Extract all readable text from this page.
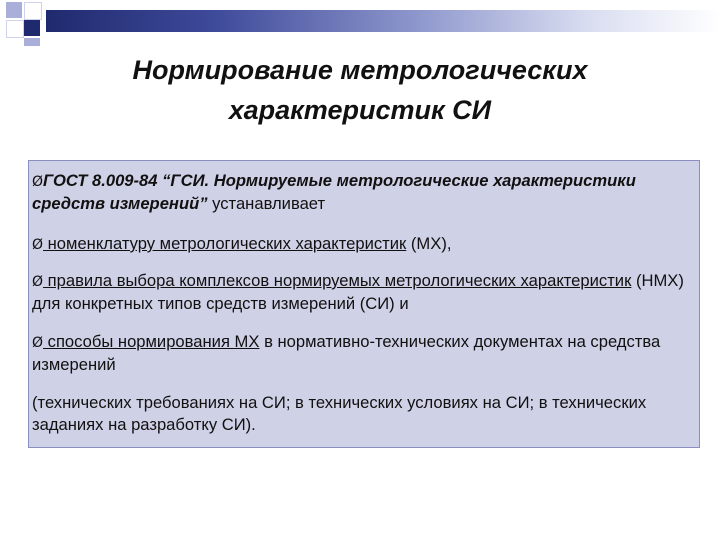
Нормирование метрологических
характеристик СИ
ØГОСТ 8.009-84 “ГСИ. Нормируемые метрологические характеристики средств измерений” устанавливает
Ø номенклатуру метрологических характеристик (МХ),
Ø правила выбора комплексов нормируемых метрологических характеристик (НМХ) для конкретных типов средств измерений (СИ) и
Ø способы нормирования МХ в нормативно-технических документах на средства измерений
(технических требованиях на СИ; в технических условиях на СИ; в технических заданиях на разработку СИ).
